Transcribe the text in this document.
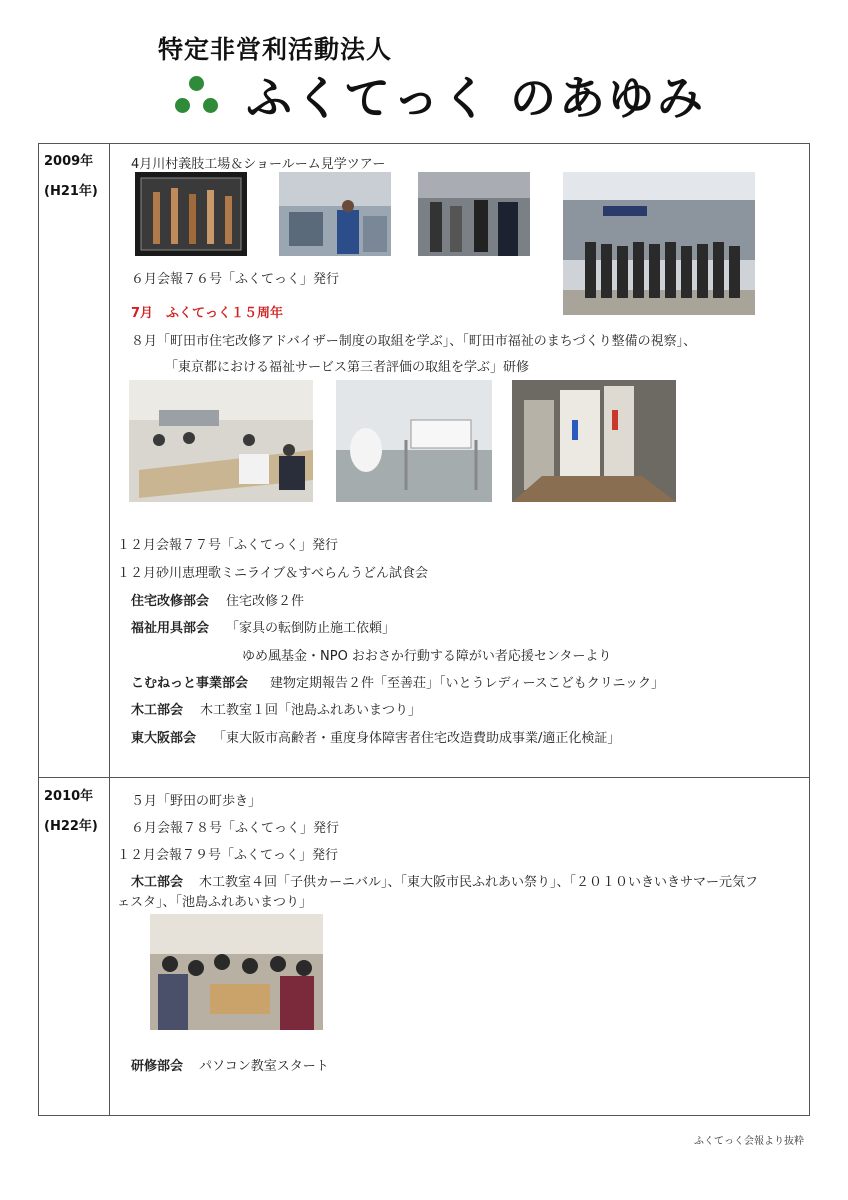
特定非営利活動法人
ふくてっく のあゆみ

2009年
(H21年)
4月川村義肢工場＆ショールーム見学ツアー
６月会報７６号「ふくてっく」発行
7月　ふくてっく１５周年
８月「町田市住宅改修アドバイザー制度の取組を学ぶ」、「町田市福祉のまちづくり整備の視察」、
「東京都における福祉サービス第三者評価の取組を学ぶ」研修
１２月会報７７号「ふくてっく」発行
１２月砂川恵理歌ミニライブ＆すべらんうどん試食会
住宅改修部会 住宅改修２件
福祉用具部会 「家具の転倒防止施工依頼」
ゆめ風基金・NPO おおさか行動する障がい者応援センターより
こむねっと事業部会 建物定期報告２件「至善荘」「いとうレディースこどもクリニック」
木工部会 木工教室１回「池島ふれあいまつり」
東大阪部会 「東大阪市高齢者・重度身体障害者住宅改造費助成事業/適正化検証」
2010年
(H22年)
５月「野田の町歩き」
６月会報７８号「ふくてっく」発行
１２月会報７９号「ふくてっく」発行
木工部会 木工教室４回「子供カーニバル」、「東大阪市民ふれあい祭り」、「２０１０いきいきサマー元気フ
ェスタ」、「池島ふれあいまつり」
研修部会 パソコン教室スタート
ふくてっく会報より抜粋
